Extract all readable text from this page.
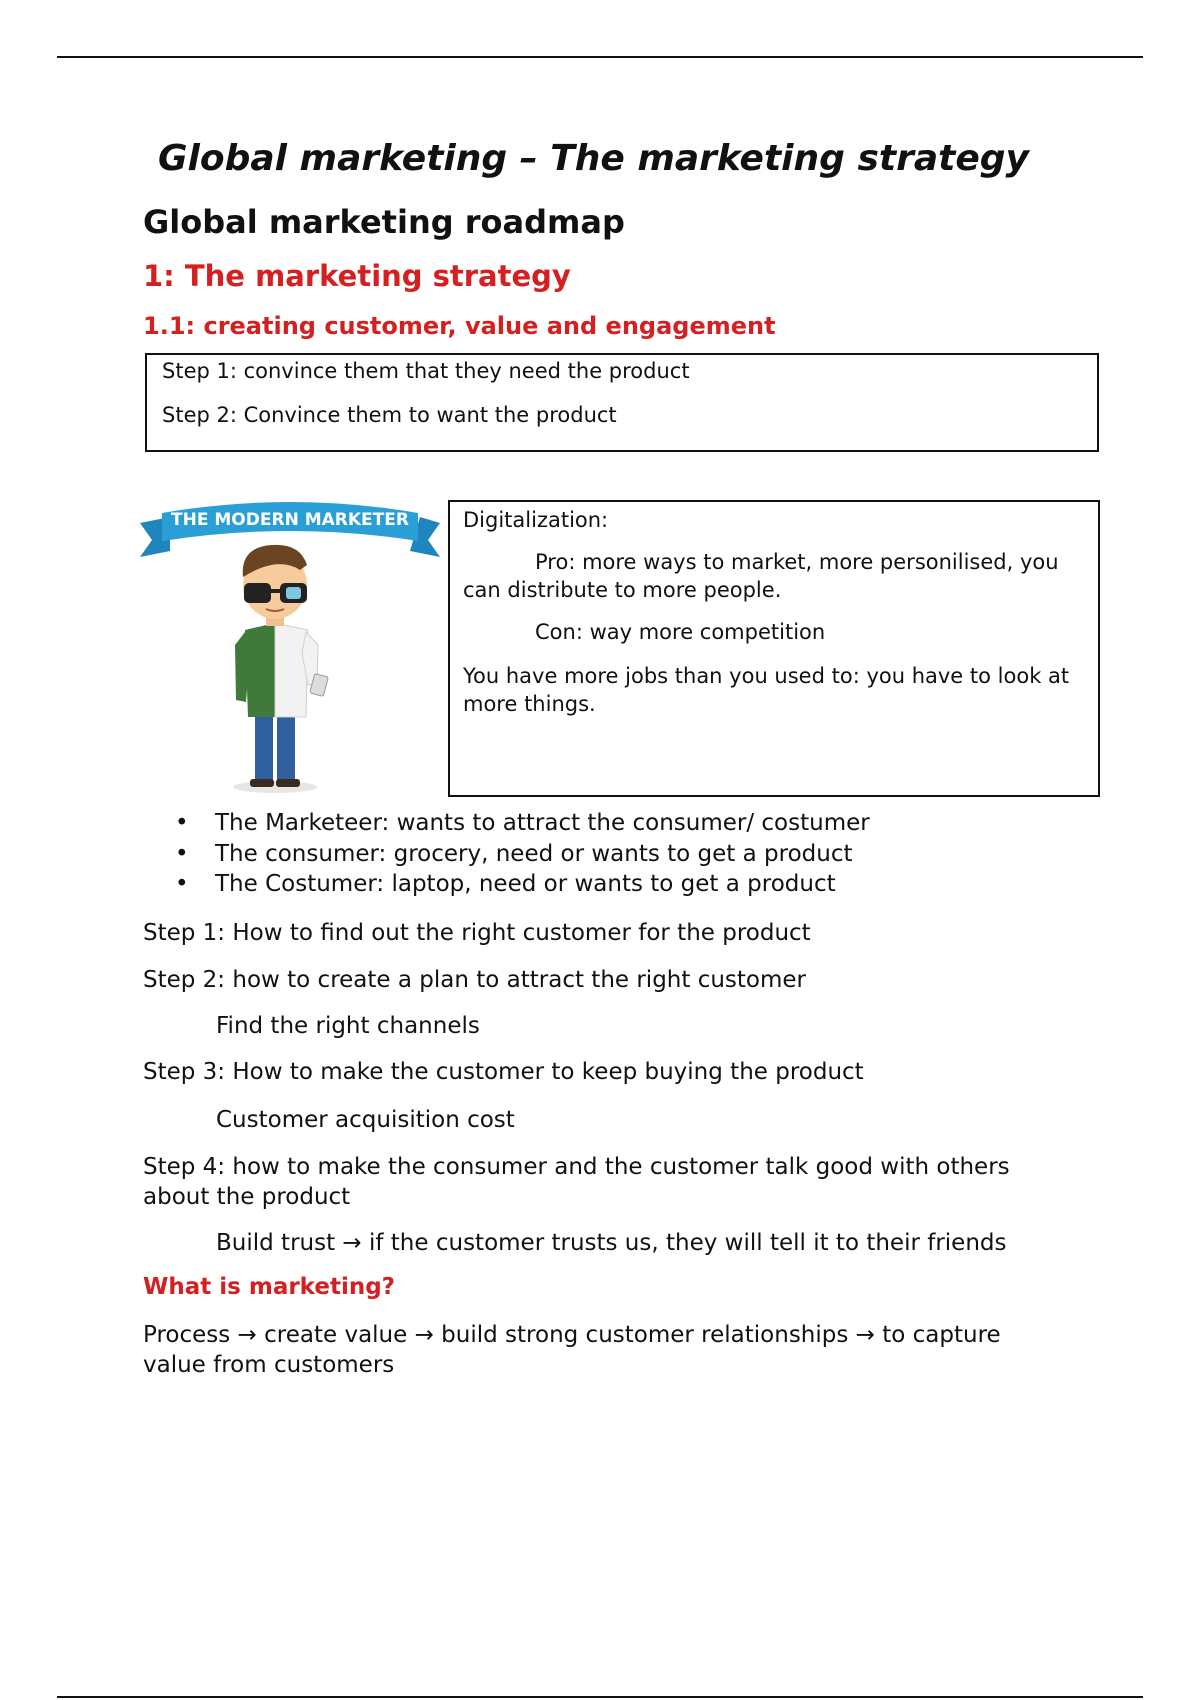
Global marketing – The marketing strategy
Global marketing roadmap
1: The marketing strategy
1.1: creating customer, value and engagement

Step 1: convince them that they need the product

Step 2: Convince them to want the product

THE MODERN MARKETER
PART ARTIST • PART SCIENTIST

Digitalization:

Pro: more ways to market, more personilised, you can distribute to more people.

Con: way more competition

You have more jobs than you used to: you have to look at more things.

• The Marketeer: wants to attract the consumer/ costumer
• The consumer: grocery, need or wants to get a product
• The Costumer: laptop, need or wants to get a product

Step 1: How to find out the right customer for the product

Step 2: how to create a plan to attract the right customer

Find the right channels

Step 3: How to make the customer to keep buying the product

Customer acquisition cost

Step 4: how to make the consumer and the customer talk good with others about the product

Build trust → if the customer trusts us, they will tell it to their friends

What is marketing?

Process → create value → build strong customer relationships → to capture value from customers
